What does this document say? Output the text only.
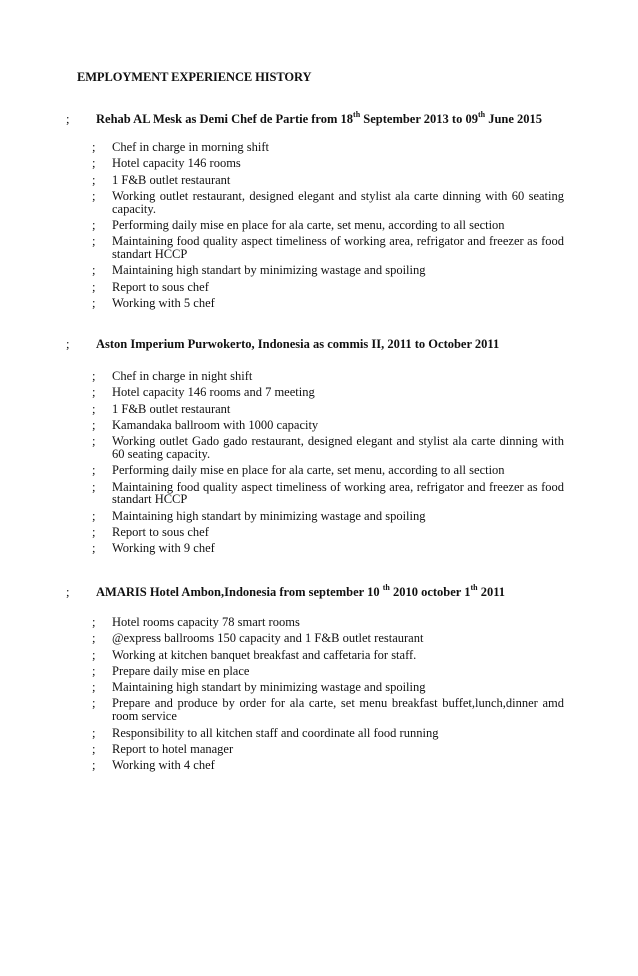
EMPLOYMENT EXPERIENCE HISTORY
; Rehab AL Mesk as Demi Chef de Partie from 18th September 2013 to 09th June 2015
; Chef in charge in morning shift
; Hotel capacity 146 rooms
; 1 F&B outlet restaurant
; Working outlet restaurant, designed elegant and stylist ala carte dinning with 60 seating capacity.
; Performing daily mise en place for ala carte, set menu, according to all section
; Maintaining food quality aspect timeliness of working area, refrigator and freezer as food standart HCCP
; Maintaining high standart by minimizing wastage and spoiling
; Report to sous chef
; Working with 5 chef
; Aston Imperium Purwokerto, Indonesia as commis II, 2011 to October 2011
; Chef in charge in night shift
; Hotel capacity 146 rooms and 7 meeting
; 1 F&B outlet restaurant
; Kamandaka ballroom with 1000 capacity
; Working outlet Gado gado restaurant, designed elegant and stylist ala carte dinning with 60 seating capacity.
; Performing daily mise en place for ala carte, set menu, according to all section
; Maintaining food quality aspect timeliness of working area, refrigator and freezer as food standart HCCP
; Maintaining high standart by minimizing wastage and spoiling
; Report to sous chef
; Working with 9 chef
; AMARIS Hotel Ambon,Indonesia from september 10 $^{th}$ 2010 october 1th 2011
; Hotel rooms capacity 78 smart rooms
; @express ballrooms 150 capacity and 1 F&B outlet restaurant
; Working at kitchen banquet breakfast and caffetaria for staff.
; Prepare daily mise en place
; Maintaining high standart by minimizing wastage and spoiling
; Prepare and produce by order for ala carte, set menu breakfast buffet,lunch,dinner amd room service
; Responsibility to all kitchen staff and coordinate all food running
; Report to hotel manager
; Working with 4 chef
